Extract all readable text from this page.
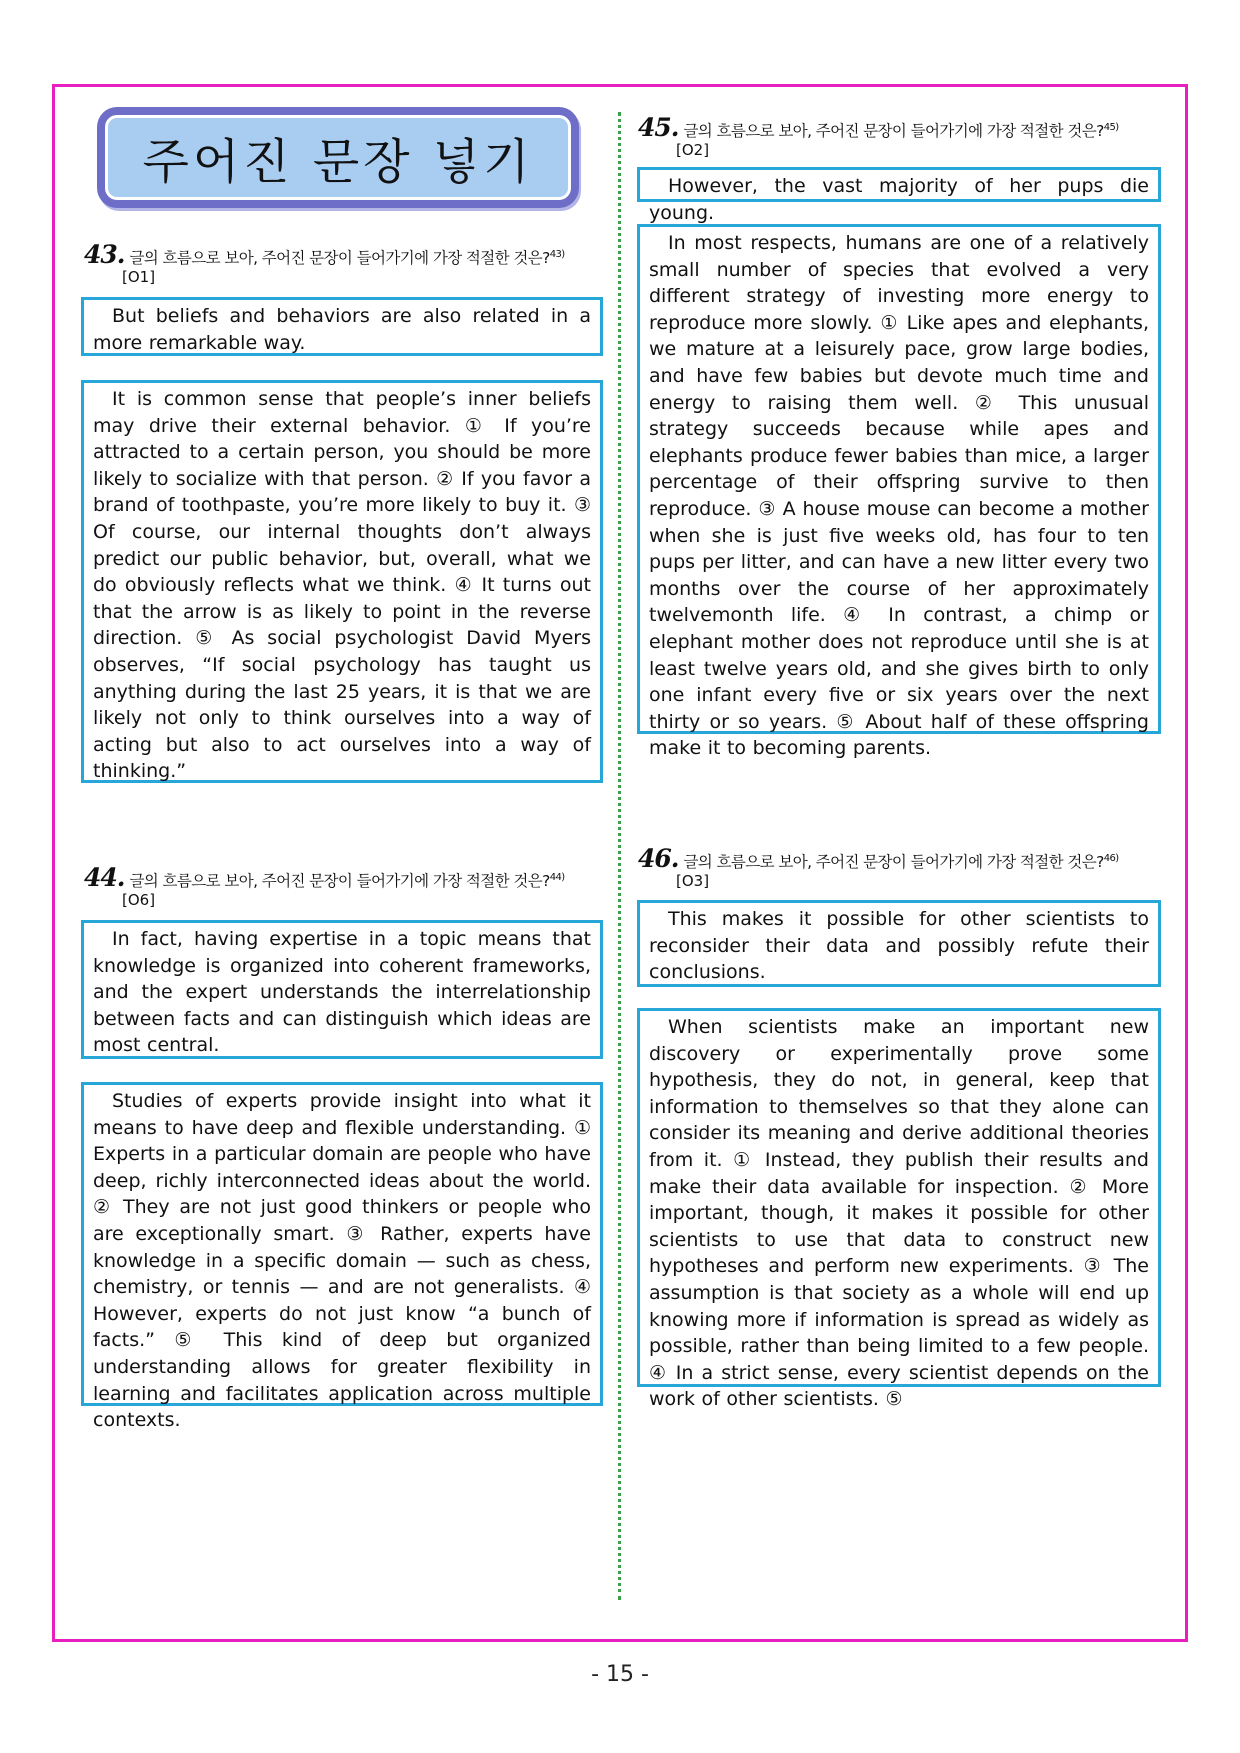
주어진 문장 넣기
43. 글의 흐름으로 보아, 주어진 문장이 들어가기에 가장 적절한 것은?$^{43)}$
[O1]
But beliefs and behaviors are also related in a more remarkable way.
It is common sense that people’s inner beliefs may drive their external behavior. ① If you’re attracted to a certain person, you should be more likely to socialize with that person. ② If you favor a brand of toothpaste, you’re more likely to buy it. ③ Of course, our internal thoughts don’t always predict our public behavior, but, overall, what we do obviously reflects what we think. ④ It turns out that the arrow is as likely to point in the reverse direction. ⑤ As social psychologist David Myers observes, “If social psychology has taught us anything during the last 25 years, it is that we are likely not only to think ourselves into a way of acting but also to act ourselves into a way of thinking.”
44. 글의 흐름으로 보아, 주어진 문장이 들어가기에 가장 적절한 것은?$^{44)}$
[O6]
In fact, having expertise in a topic means that knowledge is organized into coherent frameworks, and the expert understands the interrelationship between facts and can distinguish which ideas are most central.
Studies of experts provide insight into what it means to have deep and flexible understanding. ① Experts in a particular domain are people who have deep, richly interconnected ideas about the world. ② They are not just good thinkers or people who are exceptionally smart. ③ Rather, experts have knowledge in a specific domain — such as chess, chemistry, or tennis — and are not generalists. ④ However, experts do not just know “a bunch of facts.” ⑤ This kind of deep but organized understanding allows for greater flexibility in learning and facilitates application across multiple contexts.
45. 글의 흐름으로 보아, 주어진 문장이 들어가기에 가장 적절한 것은?$^{45)}$
[O2]
However, the vast majority of her pups die young.
In most respects, humans are one of a relatively small number of species that evolved a very different strategy of investing more energy to reproduce more slowly. ① Like apes and elephants, we mature at a leisurely pace, grow large bodies, and have few babies but devote much time and energy to raising them well. ② This unusual strategy succeeds because while apes and elephants produce fewer babies than mice, a larger percentage of their offspring survive to then reproduce. ③ A house mouse can become a mother when she is just five weeks old, has four to ten pups per litter, and can have a new litter every two months over the course of her approximately twelvemonth life. ④ In contrast, a chimp or elephant mother does not reproduce until she is at least twelve years old, and she gives birth to only one infant every five or six years over the next thirty or so years. ⑤ About half of these offspring make it to becoming parents.
46. 글의 흐름으로 보아, 주어진 문장이 들어가기에 가장 적절한 것은?$^{46)}$
[O3]
This makes it possible for other scientists to reconsider their data and possibly refute their conclusions.
When scientists make an important new discovery or experimentally prove some hypothesis, they do not, in general, keep that information to themselves so that they alone can consider its meaning and derive additional theories from it. ① Instead, they publish their results and make their data available for inspection. ② More important, though, it makes it possible for other scientists to use that data to construct new hypotheses and perform new experiments. ③ The assumption is that society as a whole will end up knowing more if information is spread as widely as possible, rather than being limited to a few people. ④ In a strict sense, every scientist depends on the work of other scientists. ⑤
- 15 -
